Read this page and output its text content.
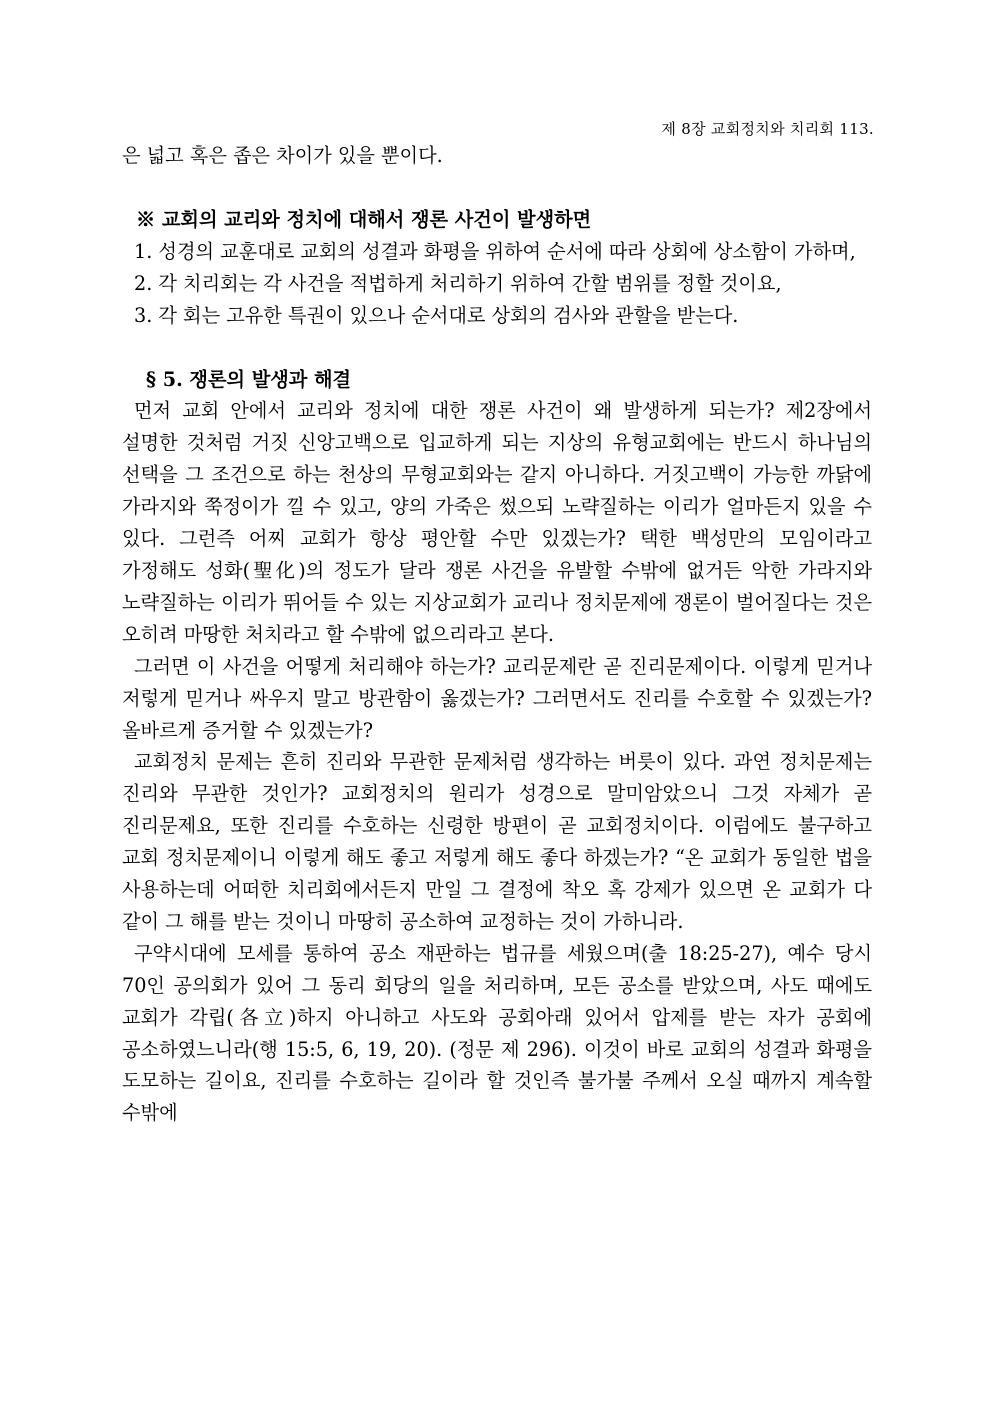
제 8장 교회정치와 치리회 113.

은 넓고 혹은 좁은 차이가 있을 뿐이다.

※ 교회의 교리와 정치에 대해서 쟁론 사건이 발생하면

1. 성경의 교훈대로 교회의 성결과 화평을 위하여 순서에 따라 상회에 상소함이 가하며,

2. 각 치리회는 각 사건을 적법하게 처리하기 위하여 간할 범위를 정할 것이요,

3. 각 회는 고유한 특권이 있으나 순서대로 상회의 검사와 관할을 받는다.

§ 5. 쟁론의 발생과 해결

먼저 교회 안에서 교리와 정치에 대한 쟁론 사건이 왜 발생하게 되는가? 제2장에서 설명한 것처럼 거짓 신앙고백으로 입교하게 되는 지상의 유형교회에는 반드시 하나님의 선택을 그 조건으로 하는 천상의 무형교회와는 같지 아니하다. 거짓고백이 가능한 까닭에 가라지와 쭉정이가 낄 수 있고, 양의 가죽은 썼으되 노략질하는 이리가 얼마든지 있을 수 있다. 그런즉 어찌 교회가 항상 평안할 수만 있겠는가? 택한 백성만의 모임이라고 가정해도 성화(聖化)의 정도가 달라 쟁론 사건을 유발할 수밖에 없거든 악한 가라지와 노략질하는 이리가 뛰어들 수 있는 지상교회가 교리나 정치문제에 쟁론이 벌어질다는 것은 오히려 마땅한 처치라고 할 수밖에 없으리라고 본다.

그러면 이 사건을 어떻게 처리해야 하는가? 교리문제란 곧 진리문제이다. 이렇게 믿거나 저렇게 믿거나 싸우지 말고 방관함이 옳겠는가? 그러면서도 진리를 수호할 수 있겠는가? 올바르게 증거할 수 있겠는가?

교회정치 문제는 흔히 진리와 무관한 문제처럼 생각하는 버릇이 있다. 과연 정치문제는 진리와 무관한 것인가? 교회정치의 원리가 성경으로 말미암았으니 그것 자체가 곧 진리문제요, 또한 진리를 수호하는 신령한 방편이 곧 교회정치이다. 이럼에도 불구하고 교회 정치문제이니 이렇게 해도 좋고 저렇게 해도 좋다 하겠는가? “온 교회가 동일한 법을 사용하는데 어떠한 치리회에서든지 만일 그 결정에 착오 혹 강제가 있으면 온 교회가 다 같이 그 해를 받는 것이니 마땅히 공소하여 교정하는 것이 가하니라.

구약시대에 모세를 통하여 공소 재판하는 법규를 세웠으며(출 18:25-27), 예수 당시 70인 공의회가 있어 그 동리 회당의 일을 처리하며, 모든 공소를 받았으며, 사도 때에도 교회가 각립(各立)하지 아니하고 사도와 공회아래 있어서 압제를 받는 자가 공회에 공소하였느니라(행 15:5, 6, 19, 20). (정문 제 296). 이것이 바로 교회의 성결과 화평을 도모하는 길이요, 진리를 수호하는 길이라 할 것인즉 불가불 주께서 오실 때까지 계속할 수밖에
